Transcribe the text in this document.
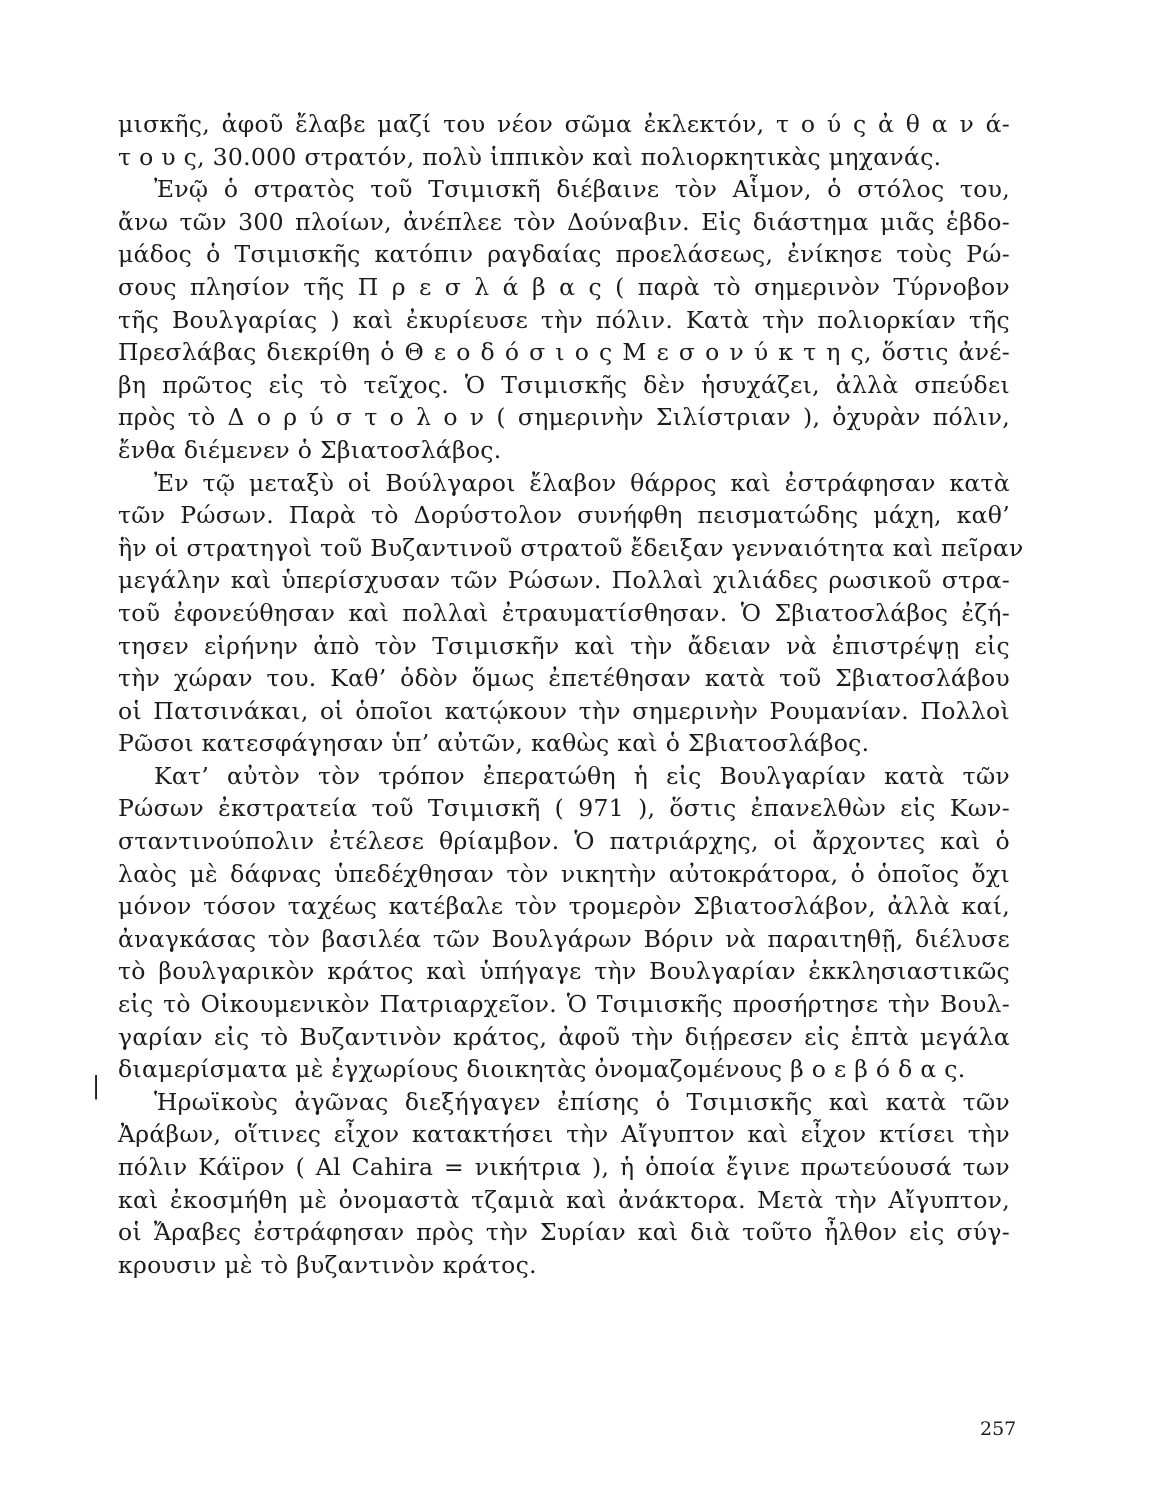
μισκῆς, ἀφοῦ ἔλαβε μαζί του νέον σῶμα ἐκλεκτόν, τ ο ύ ς ἀ θ α ν ά-
τ ο υ ς, 30.000 στρατόν, πολὺ ἱππικὸν καὶ πολιορκητικὰς μηχανάς.
Ἐνῷ ὁ στρατὸς τοῦ Τσιμισκῆ διέβαινε τὸν Αἷμον, ὁ στόλος του,
ἄνω τῶν 300 πλοίων, ἀνέπλεε τὸν Δούναβιν. Εἰς διάστημα μιᾶς ἑβδο-
μάδος ὁ Τσιμισκῆς κατόπιν ραγδαίας προελάσεως, ἐνίκησε τοὺς Ρώ-
σους πλησίον τῆς Π ρ ε σ λ ά β α ς ( παρὰ τὸ σημερινὸν Τύρνοβον
τῆς Βουλγαρίας ) καὶ ἐκυρίευσε τὴν πόλιν. Κατὰ τὴν πολιορκίαν τῆς
Πρεσλάβας διεκρίθη ὁ Θ ε ο δ ό σ ι ο ς Μ ε σ ο ν ύ κ τ η ς, ὅστις ἀνέ-
βη πρῶτος εἰς τὸ τεῖχος. Ὁ Τσιμισκῆς δὲν ἡσυχάζει, ἀλλὰ σπεύδει
πρὸς τὸ Δ ο ρ ύ σ τ ο λ ο ν ( σημερινὴν Σιλίστριαν ), ὀχυρὰν πόλιν,
ἔνθα διέμενεν ὁ Σβιατοσλάβος.
Ἐν τῷ μεταξὺ οἱ Βούλγαροι ἔλαβον θάρρος καὶ ἐστράφησαν κατὰ
τῶν Ρώσων. Παρὰ τὸ Δορύστολον συνήφθη πεισματώδης μάχη, καθ’
ἣν οἱ στρατηγοὶ τοῦ Βυζαντινοῦ στρατοῦ ἔδειξαν γενναιότητα καὶ πεῖραν
μεγάλην καὶ ὑπερίσχυσαν τῶν Ρώσων. Πολλαὶ χιλιάδες ρωσικοῦ στρα-
τοῦ ἐφονεύθησαν καὶ πολλαὶ ἐτραυματίσθησαν. Ὁ Σβιατοσλάβος ἐζή-
τησεν εἰρήνην ἀπὸ τὸν Τσιμισκῆν καὶ τὴν ἄδειαν νὰ ἐπιστρέψῃ εἰς
τὴν χώραν του. Καθ’ ὁδὸν ὅμως ἐπετέθησαν κατὰ τοῦ Σβιατοσλάβου
οἱ Πατσινάκαι, οἱ ὁποῖοι κατῴκουν τὴν σημερινὴν Ρουμανίαν. Πολλοὶ
Ρῶσοι κατεσφάγησαν ὑπ’ αὐτῶν, καθὼς καὶ ὁ Σβιατοσλάβος.
Κατ’ αὐτὸν τὸν τρόπον ἐπερατώθη ἡ εἰς Βουλγαρίαν κατὰ τῶν
Ρώσων ἐκστρατεία τοῦ Τσιμισκῆ ( 971 ), ὅστις ἐπανελθὼν εἰς Κων-
σταντινούπολιν ἐτέλεσε θρίαμβον. Ὁ πατριάρχης, οἱ ἄρχοντες καὶ ὁ
λαὸς μὲ δάφνας ὑπεδέχθησαν τὸν νικητὴν αὐτοκράτορα, ὁ ὁποῖος ὄχι
μόνον τόσον ταχέως κατέβαλε τὸν τρομερὸν Σβιατοσλάβον, ἀλλὰ καί,
ἀναγκάσας τὸν βασιλέα τῶν Βουλγάρων Βόριν νὰ παραιτηθῇ, διέλυσε
τὸ βουλγαρικὸν κράτος καὶ ὑπήγαγε τὴν Βουλγαρίαν ἐκκλησιαστικῶς
εἰς τὸ Οἰκουμενικὸν Πατριαρχεῖον. Ὁ Τσιμισκῆς προσήρτησε τὴν Βουλ-
γαρίαν εἰς τὸ Βυζαντινὸν κράτος, ἀφοῦ τὴν διῄρεσεν εἰς ἑπτὰ μεγάλα
διαμερίσματα μὲ ἐγχωρίους διοικητὰς ὀνομαζομένους β ο ε β ό δ α ς.
Ἡρωϊκοὺς ἀγῶνας διεξήγαγεν ἐπίσης ὁ Τσιμισκῆς καὶ κατὰ τῶν
Ἀράβων, οἵτινες εἶχον κατακτήσει τὴν Αἴγυπτον καὶ εἶχον κτίσει τὴν
πόλιν Κάϊρον ( Al Cahira = νικήτρια ), ἡ ὁποία ἔγινε πρωτεύουσά των
καὶ ἐκοσμήθη μὲ ὀνομαστὰ τζαμιὰ καὶ ἀνάκτορα. Μετὰ τὴν Αἴγυπτον,
οἱ Ἄραβες ἐστράφησαν πρὸς τὴν Συρίαν καὶ διὰ τοῦτο ἦλθον εἰς σύγ-
κρουσιν μὲ τὸ βυζαντινὸν κράτος.
|
257
